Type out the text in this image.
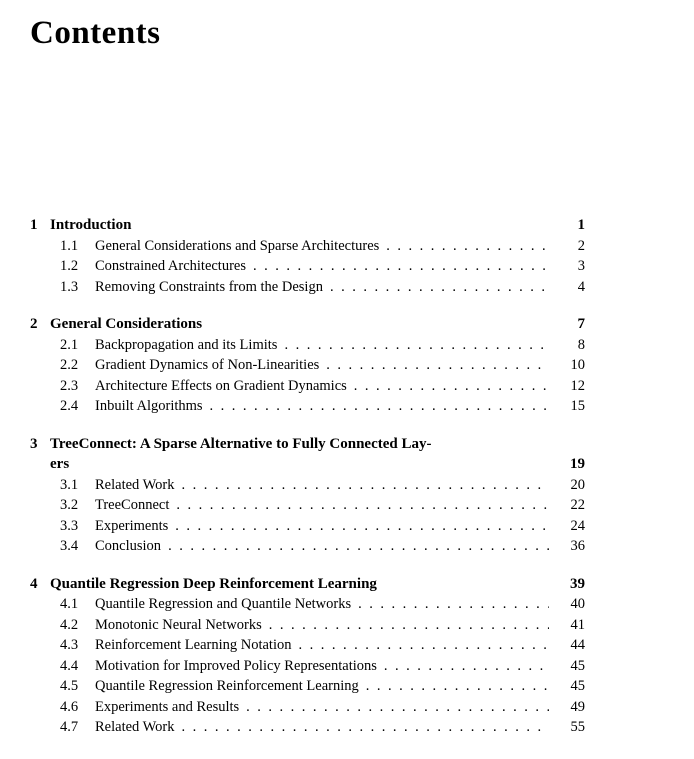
Contents
1 Introduction	1
1.1	General Considerations and Sparse Architectures .....	2
1.2	Constrained Architectures .....	3
1.3	Removing Constraints from the Design .....	4
2 General Considerations	7
2.1	Backpropagation and its Limits .....	8
2.2	Gradient Dynamics of Non-Linearities .....	10
2.3	Architecture Effects on Gradient Dynamics .....	12
2.4	Inbuilt Algorithms .....	15
3 TreeConnect: A Sparse Alternative to Fully Connected Lay-
ers	19
3.1	Related Work .....	20
3.2	TreeConnect .....	22
3.3	Experiments .....	24
3.4	Conclusion .....	36
4 Quantile Regression Deep Reinforcement Learning	39
4.1	Quantile Regression and Quantile Networks .....	40
4.2	Monotonic Neural Networks .....	41
4.3	Reinforcement Learning Notation .....	44
4.4	Motivation for Improved Policy Representations .....	45
4.5	Quantile Regression Reinforcement Learning .....	45
4.6	Experiments and Results .....	49
4.7	Related Work .....	55
